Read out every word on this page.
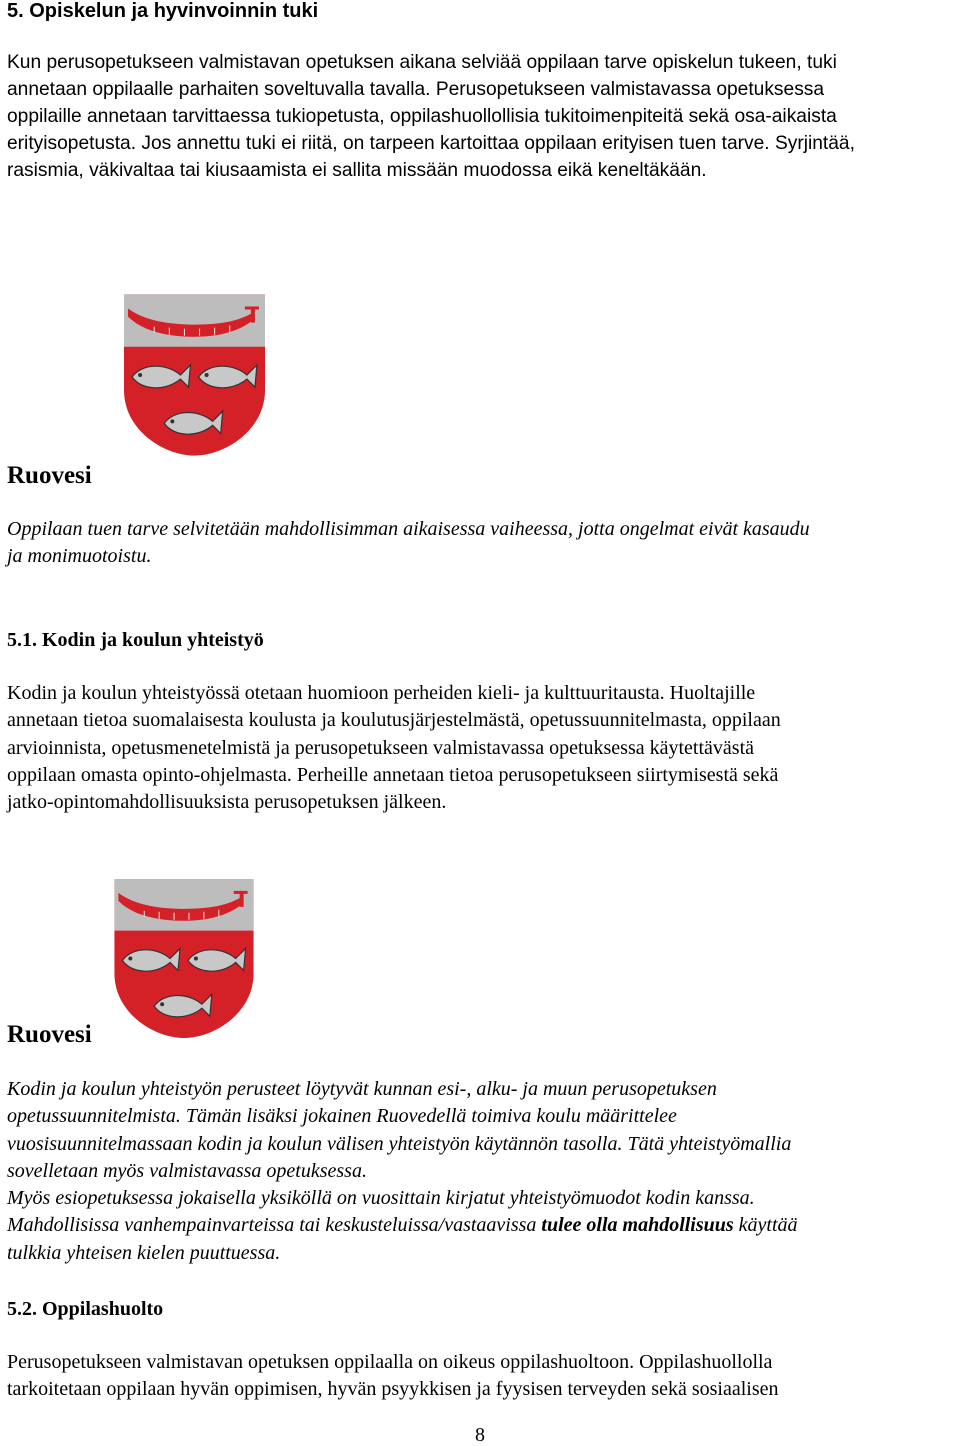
5. Opiskelun ja hyvinvoinnin tuki

Kun perusopetukseen valmistavan opetuksen aikana selviää oppilaan tarve opiskelun tukeen, tuki

annetaan oppilaalle parhaiten soveltuvalla tavalla. Perusopetukseen valmistavassa opetuksessa

oppilaille annetaan tarvittaessa tukiopetusta, oppilashuollollisia tukitoimenpiteitä sekä osa-aikaista

erityisopetusta. Jos annettu tuki ei riitä, on tarpeen kartoittaa oppilaan erityisen tuen tarve. Syrjintää,

rasismia, väkivaltaa tai kiusaamista ei sallita missään muodossa eikä keneltäkään.

Ruovesi

Oppilaan tuen tarve selvitetään mahdollisimman aikaisessa vaiheessa, jotta ongelmat eivät kasaudu

ja monimuotoistu.

5.1. Kodin ja koulun yhteistyö

Kodin ja koulun yhteistyössä otetaan huomioon perheiden kieli- ja kulttuuritausta. Huoltajille

annetaan tietoa suomalaisesta koulusta ja koulutusjärjestelmästä, opetussuunnitelmasta, oppilaan

arvioinnista, opetusmenetelmistä ja perusopetukseen valmistavassa opetuksessa käytettävästä

oppilaan omasta opinto-ohjelmasta. Perheille annetaan tietoa perusopetukseen siirtymisestä sekä

jatko-opintomahdollisuuksista perusopetuksen jälkeen.

Ruovesi

Kodin ja koulun yhteistyön perusteet löytyvät kunnan esi-, alku- ja muun perusopetuksen

opetussuunnitelmista. Tämän lisäksi jokainen Ruovedellä toimiva koulu määrittelee

vuosisuunnitelmassaan kodin ja koulun välisen yhteistyön käytännön tasolla. Tätä yhteistyömallia

sovelletaan myös valmistavassa opetuksessa.

Myös esiopetuksessa jokaisella yksiköllä on vuosittain kirjatut yhteistyömuodot kodin kanssa.

Mahdollisissa vanhempainvarteissa tai keskusteluissa/vastaavissa tulee olla mahdollisuus käyttää

tulkkia yhteisen kielen puuttuessa.

5.2. Oppilashuolto

Perusopetukseen valmistavan opetuksen oppilaalla on oikeus oppilashuoltoon. Oppilashuollolla

tarkoitetaan oppilaan hyvän oppimisen, hyvän psyykkisen ja fyysisen terveyden sekä sosiaalisen

8
